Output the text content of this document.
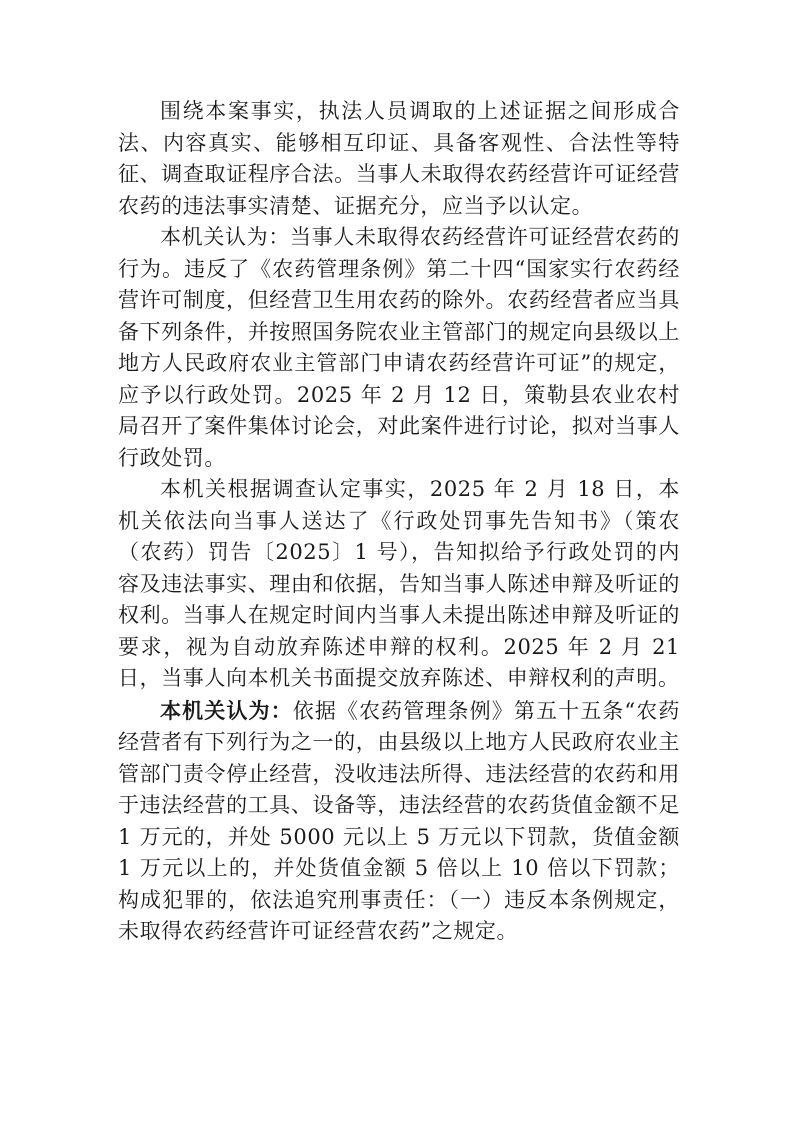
围绕本案事实，执法人员调取的上述证据之间形成合法、内容真实、能够相互印证、具备客观性、合法性等特征、调查取证程序合法。当事人未取得农药经营许可证经营农药的违法事实清楚、证据充分，应当予以认定。

本机关认为：当事人未取得农药经营许可证经营农药的行为。违反了《农药管理条例》第二十四“国家实行农药经营许可制度，但经营卫生用农药的除外。农药经营者应当具备下列条件，并按照国务院农业主管部门的规定向县级以上地方人民政府农业主管部门申请农药经营许可证”的规定，应予以行政处罚。2025 年 2 月 12 日，策勒县农业农村局召开了案件集体讨论会，对此案件进行讨论，拟对当事人行政处罚。

本机关根据调查认定事实，2025 年 2 月 18 日，本机关依法向当事人送达了《行政处罚事先告知书》（策农（农药）罚告〔2025〕1 号），告知拟给予行政处罚的内容及违法事实、理由和依据，告知当事人陈述申辩及听证的权利。当事人在规定时间内当事人未提出陈述申辩及听证的要求，视为自动放弃陈述申辩的权利。2025 年 2 月 21 日，当事人向本机关书面提交放弃陈述、申辩权利的声明。

本机关认为：依据《农药管理条例》第五十五条“农药经营者有下列行为之一的，由县级以上地方人民政府农业主管部门责令停止经营，没收违法所得、违法经营的农药和用于违法经营的工具、设备等，违法经营的农药货值金额不足 1 万元的，并处 5000 元以上 5 万元以下罚款，货值金额 1 万元以上的，并处货值金额 5 倍以上 10 倍以下罚款；构成犯罪的，依法追究刑事责任：（一）违反本条例规定，未取得农药经营许可证经营农药”之规定。
